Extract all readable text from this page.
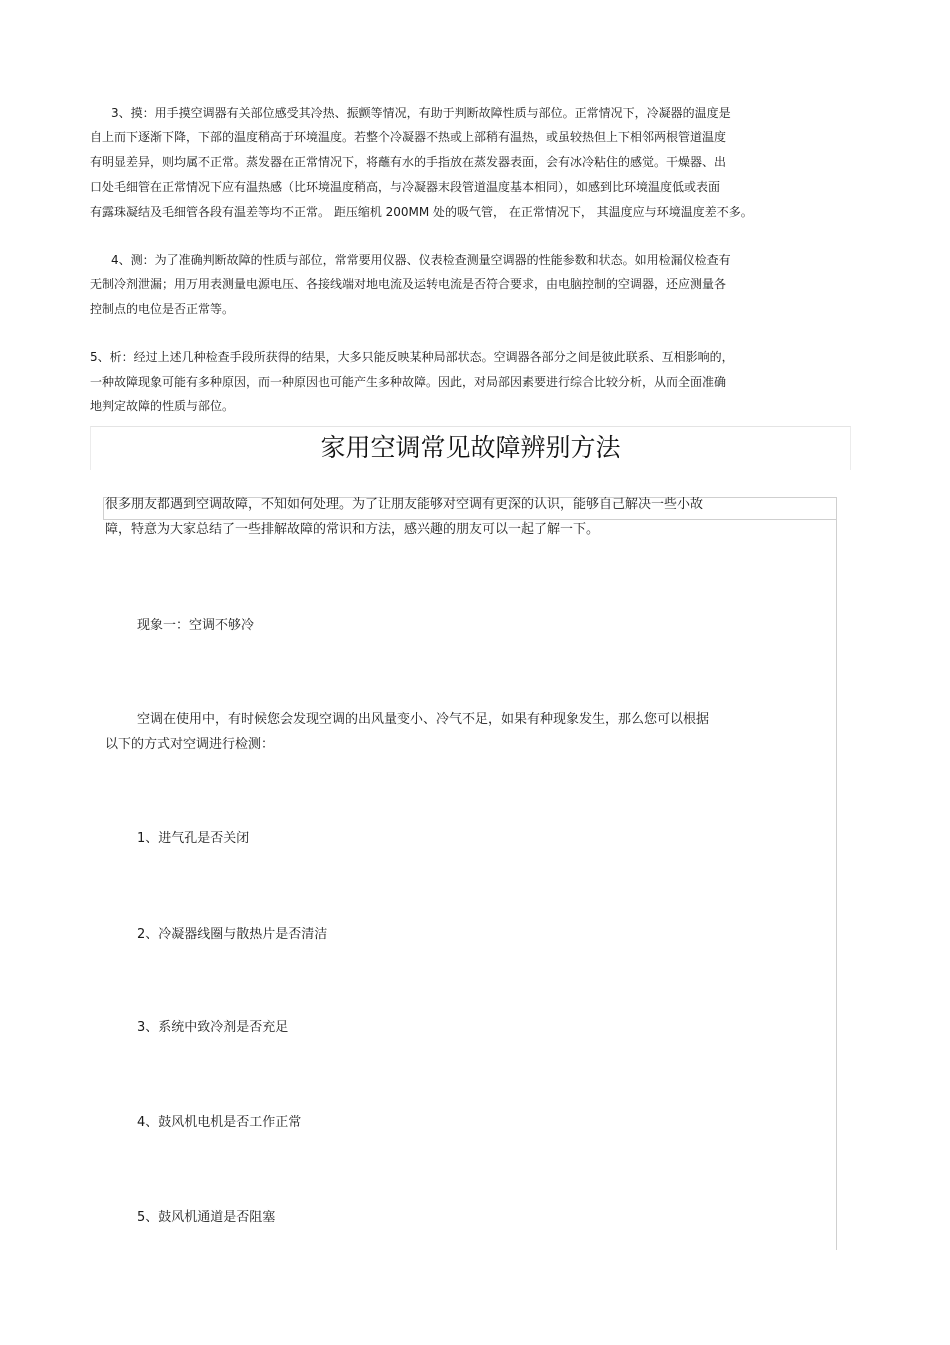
3、摸：用手摸空调器有关部位感受其冷热、振颤等情况，有助于判断故障性质与部位。正常情况下，冷凝器的温度是
自上而下逐渐下降，下部的温度稍高于环境温度。若整个冷凝器不热或上部稍有温热，或虽较热但上下相邻两根管道温度
有明显差异，则均属不正常。蒸发器在正常情况下，将蘸有水的手指放在蒸发器表面，会有冰冷粘住的感觉。干燥器、出
口处毛细管在正常情况下应有温热感（比环境温度稍高，与冷凝器末段管道温度基本相同），如感到比环境温度低或表面
有露珠凝结及毛细管各段有温差等均不正常。 距压缩机 200MM 处的吸气管， 在正常情况下， 其温度应与环境温度差不多。
4、测：为了准确判断故障的性质与部位，常常要用仪器、仪表检查测量空调器的性能参数和状态。如用检漏仪检查有
无制冷剂泄漏；用万用表测量电源电压、各接线端对地电流及运转电流是否符合要求，由电脑控制的空调器，还应测量各
控制点的电位是否正常等。
5、析：经过上述几种检查手段所获得的结果，大多只能反映某种局部状态。空调器各部分之间是彼此联系、互相影响的，
一种故障现象可能有多种原因，而一种原因也可能产生多种故障。因此，对局部因素要进行综合比较分析，从而全面准确
地判定故障的性质与部位。
家用空调常见故障辨别方法
很多朋友都遇到空调故障，不知如何处理。为了让朋友能够对空调有更深的认识，能够自己解决一些小故
障，特意为大家总结了一些排解故障的常识和方法，感兴趣的朋友可以一起了解一下。
现象一：空调不够冷
空调在使用中，有时候您会发现空调的出风量变小、冷气不足，如果有种现象发生，那么您可以根据
以下的方式对空调进行检测：
1、进气孔是否关闭
2、冷凝器线圈与散热片是否清洁
3、系统中致冷剂是否充足
4、鼓风机电机是否工作正常
5、鼓风机通道是否阻塞
